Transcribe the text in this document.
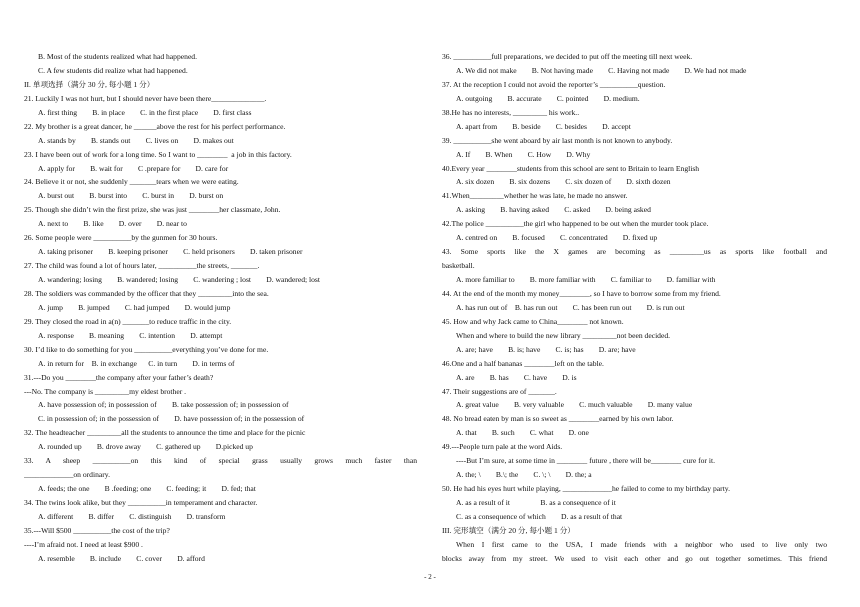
B. Most of the students realized what had happened.
C. A few students did realize what had happened.
II. 单项选择（满分 30 分, 每小题 1 分）
21. Luckily I was not hurt, but I should never have been there______________.
A. first thing        B. in place        C. in the first place        D. first class
22. My brother is a great dancer, he ______above the rest for his perfect performance.
A. stands by        B. stands out        C. lives on        D. makes out
23. I have been out of work for a long time. So I want to ________  a job in this factory.
A. apply for        B. wait for        C .prepare for        D. care for
24. Believe it or not, she suddenly _______tears when we were eating.
A. burst out        B. burst into        C. burst in        D. burst on
25. Though she didn’t win the first prize, she was just ________her classmate, John.
A. next to        B. like        D. over        D. near to
26. Some people were __________by the gunmen for 30 hours.
A. taking prisoner        B. keeping prisoner        C. held prisoners        D. taken prisoner
27. The child was found a lot of hours later, __________the streets, _______.
A. wandering; losing        B. wandered; losing        C. wandering ; lost        D. wandered; lost
28. The soldiers was commanded by the officer that they _________into the sea.
A. jump        B. jumped        C. had jumped        D. would jump
29. They closed the road in a(n) _______to reduce traffic in the city.
A. response        B. meaning        C. intention        D. attempt
30. I’d like to do something for you __________everything you’ve done for me.
A. in return for    B. in exchange      C. in turn        D. in terms of
31.---Do you ________the company after your father’s death?
---No. The company is _________my eldest brother .
A. have possession of; in possession of        B. take possession of; in possession of
C. in possession of; in the possession of        D. have possession of; in the possession of
32. The headteacher _________all the students to announce the time and place for the picnic
A. rounded up        B. drove away        C. gathered up        D.picked up
33. A sheep __________on this kind of special grass usually grows much faster than
_____________on ordinary.
A. feeds; the one        B .feeding; one        C. feeding; it        D. fed; that
34. The twins look alike, but they __________in temperament and character.
A. different        B. differ        C. distinguish        D. transform
35.---Will $500 __________the cost of the trip?
----I’m afraid not. I need at least $900 .
A. resemble        B. include        C. cover        D. afford
36. __________full preparations, we decided to put off the meeting till next week.
A. We did not make        B. Not having made        C. Having not made        D. We had not made
37. At the reception I could not avoid the reporter’s __________question.
A. outgoing        B. accurate        C. pointed        D. medium.
38.He has no interests, _________ his work..
A. apart from        B. beside        C. besides        D. accept
39. __________she went aboard by air last month is not known to anybody.
A. If        B. When        C. How        D. Why
40.Every year ________students from this school are sent to Britain to learn English
A. six dozen        B. six dozens        C. six dozen of        D. sixth dozen
41.When_________whether he was late, he made no answer.
A. asking        B. having asked        C. asked        D. being asked
42.The police __________the girl who happened to be out when the murder took place.
A. centred on        B. focused        C. concentrated        D. fixed up
43. Some sports like the X games are becoming as _________us as sports like football and
basketball.
A. more familiar to        B. more familiar with        C. familiar to        D. familiar with
44. At the end of the month my money________, so I have to borrow some from my friend.
A. has run out of    B. has run out        C. has been run out        D. is run out
45. How and why Jack came to China________ not known.
When and where to build the new library _________not been decided.
A. are; have        B. is; have        C. is; has        D. are; have
46.One and a half bananas ________left on the table.
A. are        B. has        C. have        D. is
47. Their suggestions are of _______.
A. great value        B. very valuable        C. much valuable        D. many value
48. No bread eaten by man is so sweet as ________earned by his own labor.
A. that        B. such        C. what        D. one
49.---People turn pale at the word Aids.
----But I’m sure, at some time in ________ future , there will be________ cure for it.
A. the; \        B.\; the        C. \; \        D. the; a
50. He had his eyes hurt while playing, _____________he failed to come to my birthday party.
A. as a result of it                B. as a consequence of it
C. as a consequence of which        D. as a result of that
III. 完形填空（满分 20 分, 每小题 1 分）
When I first came to the USA, I made friends with a neighbor who used to live only two
blocks away from my street. We used to visit each other and go out together sometimes. This friend
- 2 -
